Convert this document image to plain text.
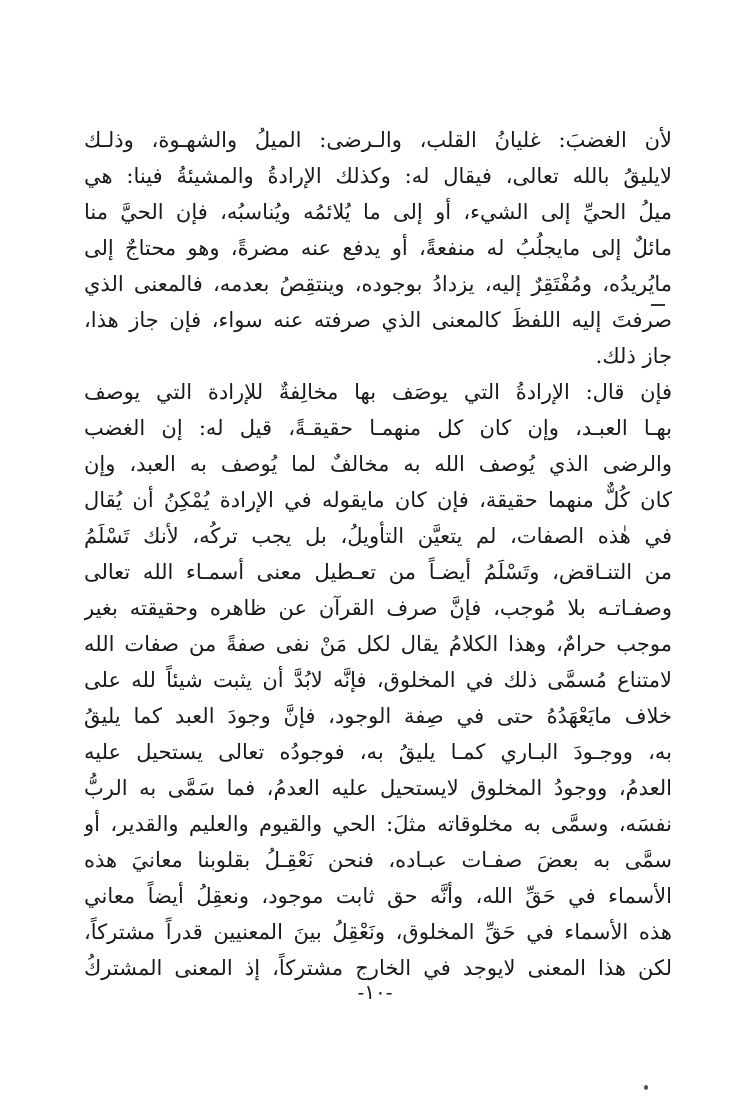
لأن الغضبَ: غليانُ القلب، والـرضى: الميلُ والشهـوة، وذلـك
لايليقُ بالله تعالى، فيقال له: وكذلك الإرادةُ والمشيئةُ فينا: هي
ميلُ الحيِّ إلى الشيء، أو إلى ما يُلائمُه ويُناسبُه، فإن الحيَّ منا
مائلٌ إلى مايجلُبُ له منفعةً، أو يدفع عنه مضرةً، وهو محتاجٌ إلى
مايُريدُه، ومُفْتَقِرٌ إليه، يزدادُ بوجوده، وينتقِصُ بعدمه، فالمعنى الذي
صرفتَ إليه اللفظَ كالمعنى الذي صرفته عنه سواء، فإن جاز هذا،
جاز ذلك.
فإن قال: الإرادةُ التي يوصَف بها مخالِفةٌ للإرادة التي يوصف
بهـا العبـد، وإن كان كل منهمـا حقيقـةً، قيل له: إن الغضب
والرضى الذي يُوصف الله به مخالفٌ لما يُوصف به العبد، وإن
كان كُلٌّ منهما حقيقة، فإن كان مايقوله في الإرادة يُمْكِنُ أن يُقال
في هٰذه الصفات، لم يتعيَّن التأويلُ، بل يجب تركُه، لأنك تَسْلَمُ
من التنـاقض، وتَسْلَمُ أيضـاً من تعـطيل معنى أسمـاء الله تعالى
وصفـاتـه بلا مُوجب، فإنَّ صرف القرآن عن ظاهره وحقيقته بغير
موجب حرامٌ، وهذا الكلامُ يقال لكل مَنْ نفى صفةً من صفات الله
لامتناع مُسمَّى ذلك في المخلوق، فإنَّه لابُدَّ أن يثبت شيئاً لله على
خلاف مايَعْهَدُهُ حتى في صِفة الوجود، فإنَّ وجودَ العبد كما يليقُ
به، ووجـودَ البـاري كمـا يليقُ به، فوجودُه تعالى يستحيل عليه
العدمُ، ووجودُ المخلوق لايستحيل عليه العدمُ، فما سَمَّى به الربُّ
نفسَه، وسمَّى به مخلوقاته مثلَ: الحي والقيوم والعليم والقدير، أو
سمَّى به بعضَ صفـات عبـاده، فنحن نَعْقِـلُ بقلوبنا معانيَ هذه
الأسماء في حَقِّ الله، وأنَّه حق ثابت موجود، ونعقِلُ أيضاً معاني
هذه الأسماء في حَقِّ المخلوق، ونَعْقِلُ بينَ المعنيين قدراً مشتركاً،
لكن هذا المعنى لايوجد في الخارج مشتركاً، إذ المعنى المشتركُ
-١٠-
